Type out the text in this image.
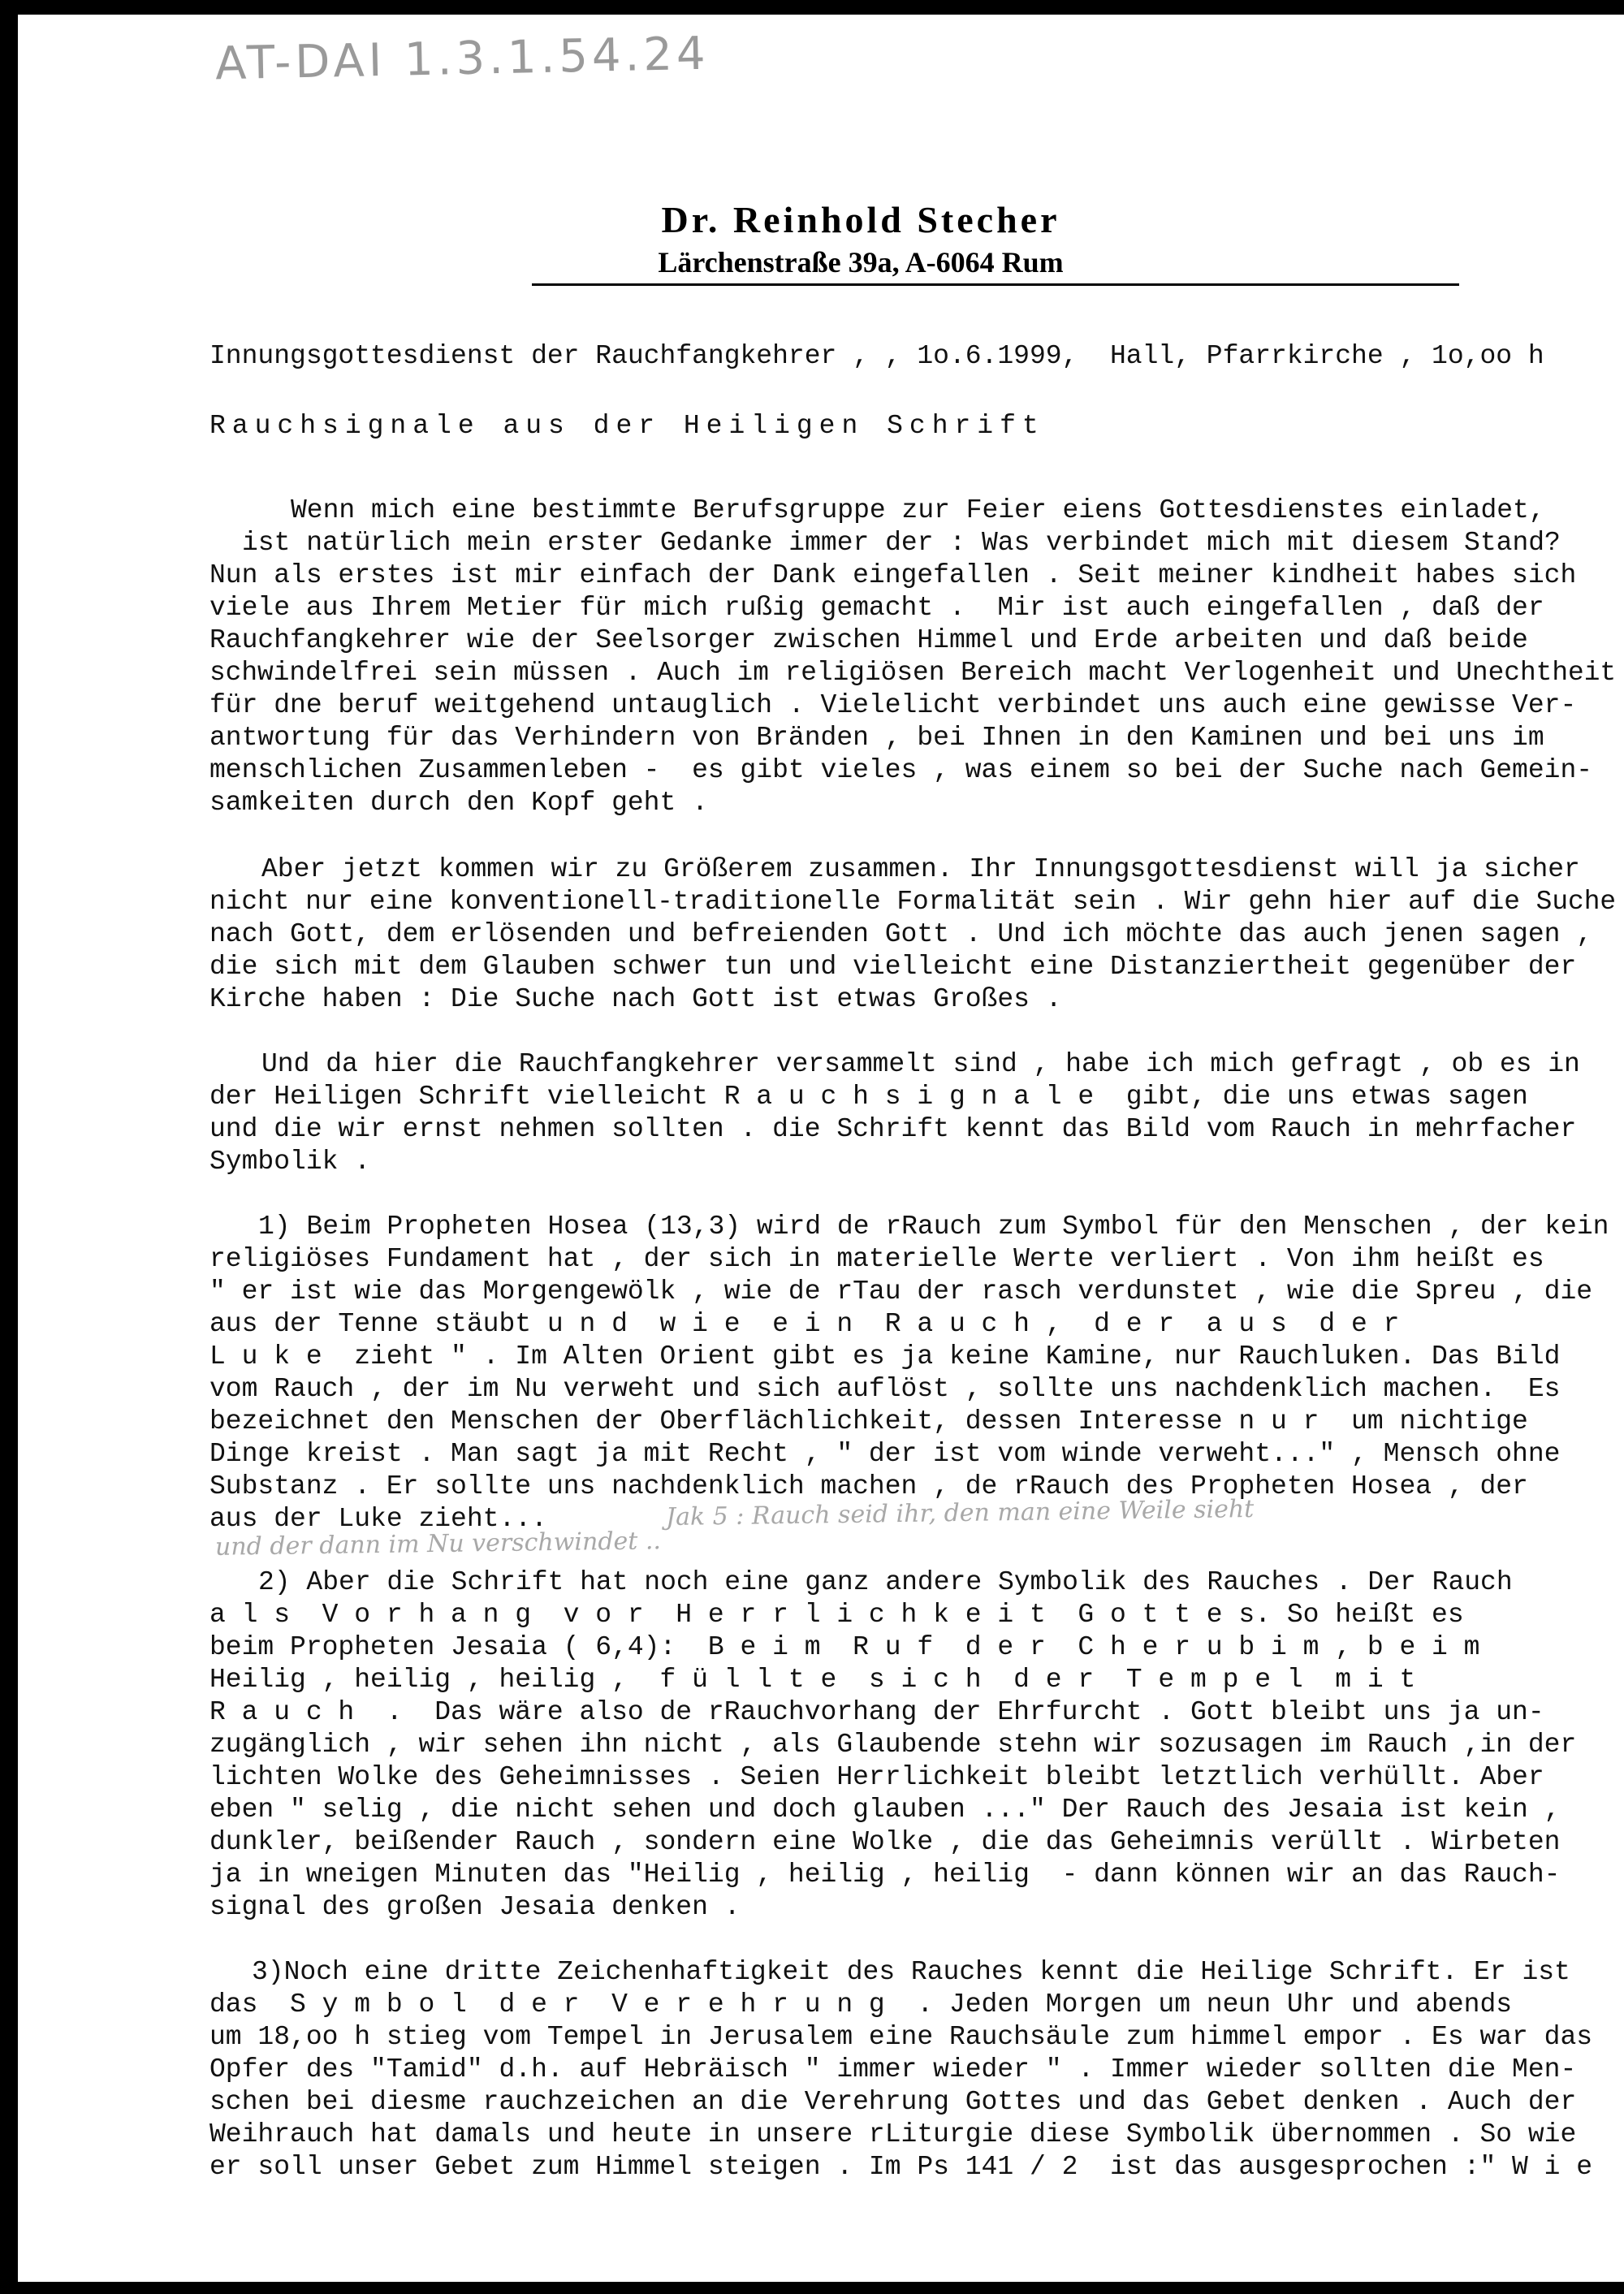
AT-DAI 1.3.1.54.24
Dr. Reinhold Stecher
Lärchenstraße 39a, A-6064 Rum
Innungsgottesdienst der Rauchfangkehrer , , 1o.6.1999,  Hall, Pfarrkirche , 1o,oo h
Rauchsignale aus der Heiligen Schrift
Wenn mich eine bestimmte Berufsgruppe zur Feier eiens Gottesdienstes einladet,
ist natürlich mein erster Gedanke immer der : Was verbindet mich mit diesem Stand?
Nun als erstes ist mir einfach der Dank eingefallen . Seit meiner kindheit habes sich
viele aus Ihrem Metier für mich rußig gemacht .  Mir ist auch eingefallen , daß der
Rauchfangkehrer wie der Seelsorger zwischen Himmel und Erde arbeiten und daß beide
schwindelfrei sein müssen . Auch im religiösen Bereich macht Verlogenheit und Unechtheit
für dne beruf weitgehend untauglich . Vielelicht verbindet uns auch eine gewisse Ver-
antwortung für das Verhindern von Bränden , bei Ihnen in den Kaminen und bei uns im
menschlichen Zusammenleben -  es gibt vieles , was einem so bei der Suche nach Gemein-
samkeiten durch den Kopf geht .
Aber jetzt kommen wir zu Größerem zusammen. Ihr Innungsgottesdienst will ja sicher
nicht nur eine konventionell-traditionelle Formalität sein . Wir gehn hier auf die Suche
nach Gott, dem erlösenden und befreienden Gott . Und ich möchte das auch jenen sagen ,
die sich mit dem Glauben schwer tun und vielleicht eine Distanziertheit gegenüber der
Kirche haben : Die Suche nach Gott ist etwas Großes .
Und da hier die Rauchfangkehrer versammelt sind , habe ich mich gefragt , ob es in
der Heiligen Schrift vielleicht R a u c h s i g n a l e  gibt, die uns etwas sagen
und die wir ernst nehmen sollten . die Schrift kennt das Bild vom Rauch in mehrfacher
Symbolik .
1) Beim Propheten Hosea (13,3) wird de rRauch zum Symbol für den Menschen , der kein
religiöses Fundament hat , der sich in materielle Werte verliert . Von ihm heißt es
" er ist wie das Morgengewölk , wie de rTau der rasch verdunstet , wie die Spreu , die
aus der Tenne stäubt u n d  w i e  e i n  R a u c h ,  d e r  a u s  d e r
L u k e  zieht " . Im Alten Orient gibt es ja keine Kamine, nur Rauchluken. Das Bild
vom Rauch , der im Nu verweht und sich auflöst , sollte uns nachdenklich machen.  Es
bezeichnet den Menschen der Oberflächlichkeit, dessen Interesse n u r  um nichtige
Dinge kreist . Man sagt ja mit Recht , " der ist vom winde verweht..." , Mensch ohne
Substanz . Er sollte uns nachdenklich machen , de rRauch des Propheten Hosea , der
aus der Luke zieht...	Jak 5 : Rauch seid ihr, den man eine Weile sieht
und der dann im Nu verschwindet ..
2) Aber die Schrift hat noch eine ganz andere Symbolik des Rauches . Der Rauch
a l s  V o r h a n g  v o r  H e r r l i c h k e i t  G o t t e s. So heißt es
beim Propheten Jesaia ( 6,4):  B e i m  R u f  d e r  C h e r u b i m , b e i m
Heilig , heilig , heilig ,  f ü l l t e  s i c h  d e r  T e m p e l  m i t
R a u c h  .  Das wäre also de rRauchvorhang der Ehrfurcht . Gott bleibt uns ja un-
zugänglich , wir sehen ihn nicht , als Glaubende stehn wir sozusagen im Rauch ,in der
lichten Wolke des Geheimnisses . Seien Herrlichkeit bleibt letztlich verhüllt. Aber
eben " selig , die nicht sehen und doch glauben ..." Der Rauch des Jesaia ist kein ,
dunkler, beißender Rauch , sondern eine Wolke , die das Geheimnis verüllt . Wirbeten
ja in wneigen Minuten das "Heilig , heilig , heilig  - dann können wir an das Rauch-
signal des großen Jesaia denken .
3)Noch eine dritte Zeichenhaftigkeit des Rauches kennt die Heilige Schrift. Er ist
das  S y m b o l  d e r  V e r e h r u n g  . Jeden Morgen um neun Uhr und abends
um 18,oo h stieg vom Tempel in Jerusalem eine Rauchsäule zum himmel empor . Es war das
Opfer des "Tamid" d.h. auf Hebräisch " immer wieder " . Immer wieder sollten die Men-
schen bei diesme rauchzeichen an die Verehrung Gottes und das Gebet denken . Auch der
Weihrauch hat damals und heute in unsere rLiturgie diese Symbolik übernommen . So wie
er soll unser Gebet zum Himmel steigen . Im Ps 141 / 2  ist das ausgesprochen :" W i e
